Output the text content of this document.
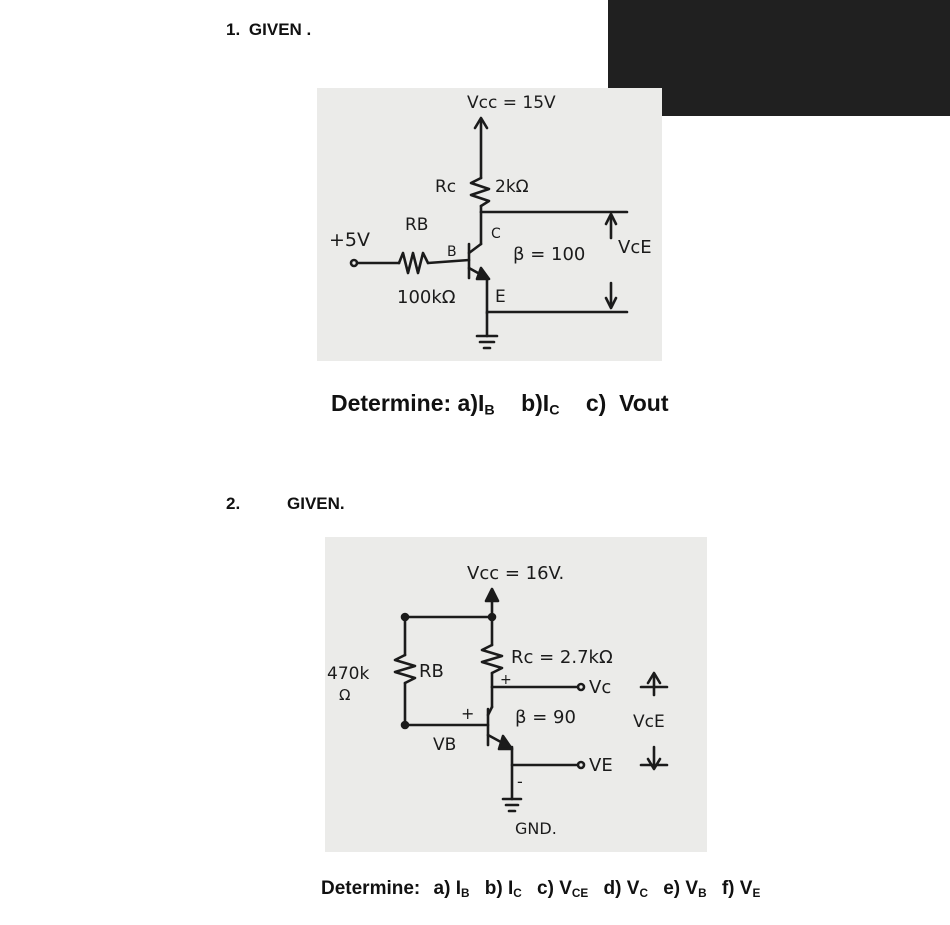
1. GIVEN .
Vcc = 15V
Rc 2kΩ
+5V
RB
B
C
E
100kΩ
β = 100 VcE
Determine: $a)I_B$ $b)I_C$ c)  Vout
2.	GIVEN.
Vcc = 16V.
470k
Ω
RB
Rc = 2.7kΩ
Vc
+
+ β = 90	VcE
VB
-
VE
GND.
Determine: a) $I_B$ b) $I_C$ c) $V_{CE}$ d) $V_C$ e) $V_B$ f) $V_E$
